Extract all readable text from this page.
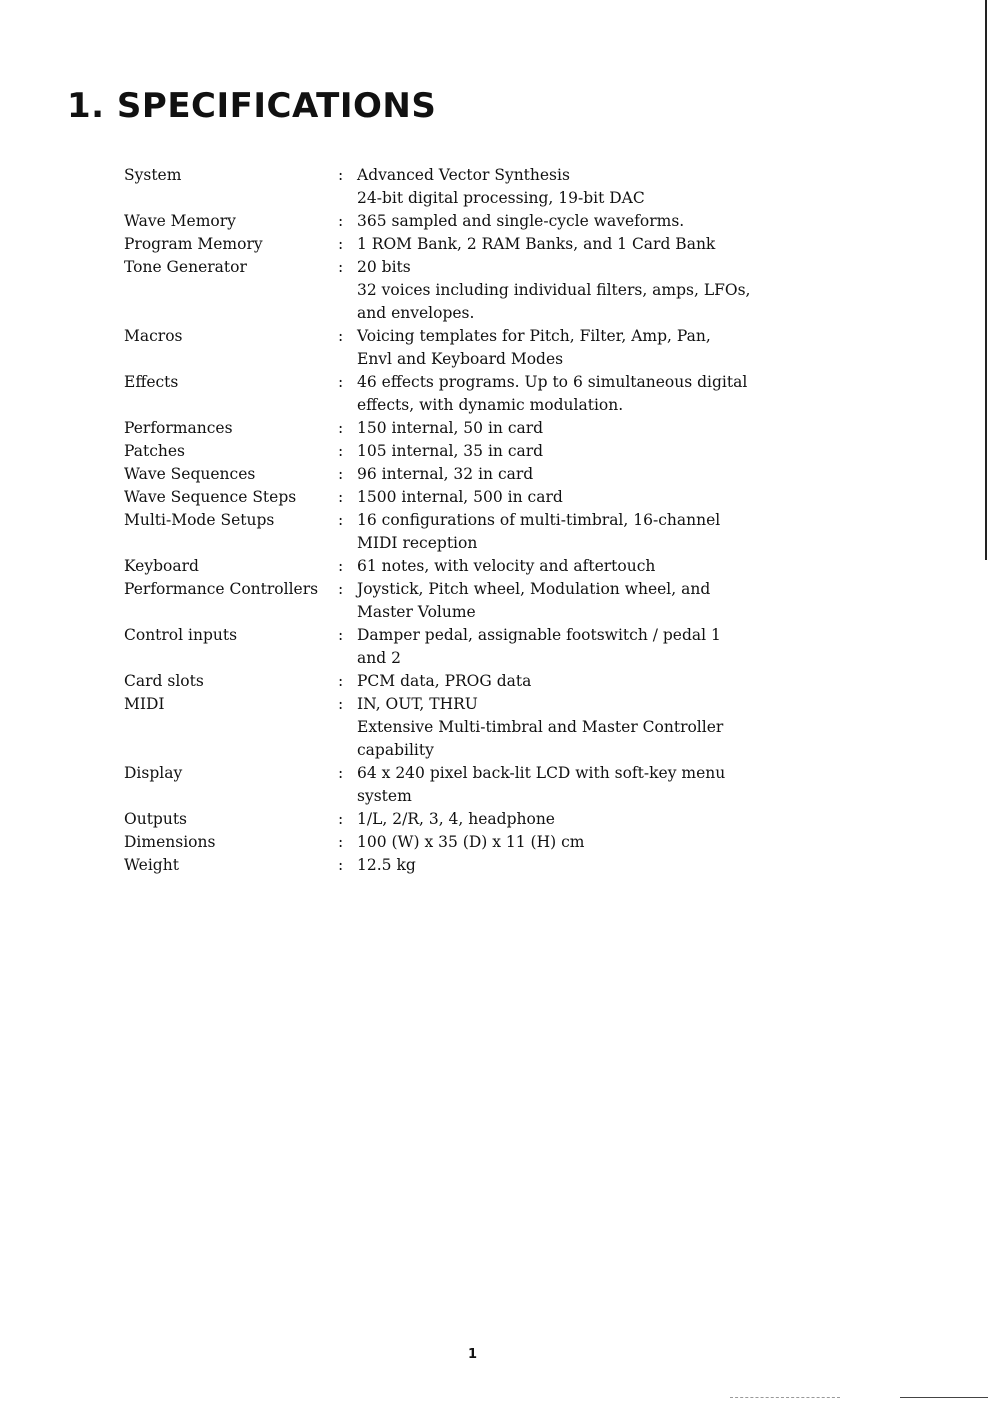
1. SPECIFICATIONS
System	: Advanced Vector Synthesis
24-bit digital processing, 19-bit DAC
Wave Memory	: 365 sampled and single-cycle waveforms.
Program Memory	: 1 ROM Bank, 2 RAM Banks, and 1 Card Bank
Tone Generator	: 20 bits
32 voices including individual filters, amps, LFOs,
and envelopes.
Macros	: Voicing templates for Pitch, Filter, Amp, Pan,
Envl and Keyboard Modes
Effects	: 46 effects programs. Up to 6 simultaneous digital
effects, with dynamic modulation.
Performances	: 150 internal, 50 in card
Patches	: 105 internal, 35 in card
Wave Sequences	: 96 internal, 32 in card
Wave Sequence Steps	: 1500 internal, 500 in card
Multi-Mode Setups	: 16 configurations of multi-timbral, 16-channel
MIDI reception
Keyboard	: 61 notes, with velocity and aftertouch
Performance Controllers	: Joystick, Pitch wheel, Modulation wheel, and
Master Volume
Control inputs	: Damper pedal, assignable footswitch / pedal 1
and 2
Card slots	: PCM data, PROG data
MIDI	: IN, OUT, THRU
Extensive Multi-timbral and Master Controller
capability
Display	: 64 x 240 pixel back-lit LCD with soft-key menu
system
Outputs	: 1/L, 2/R, 3, 4, headphone
Dimensions	: 100 (W) x 35 (D) x 11 (H) cm
Weight	: 12.5 kg
1
